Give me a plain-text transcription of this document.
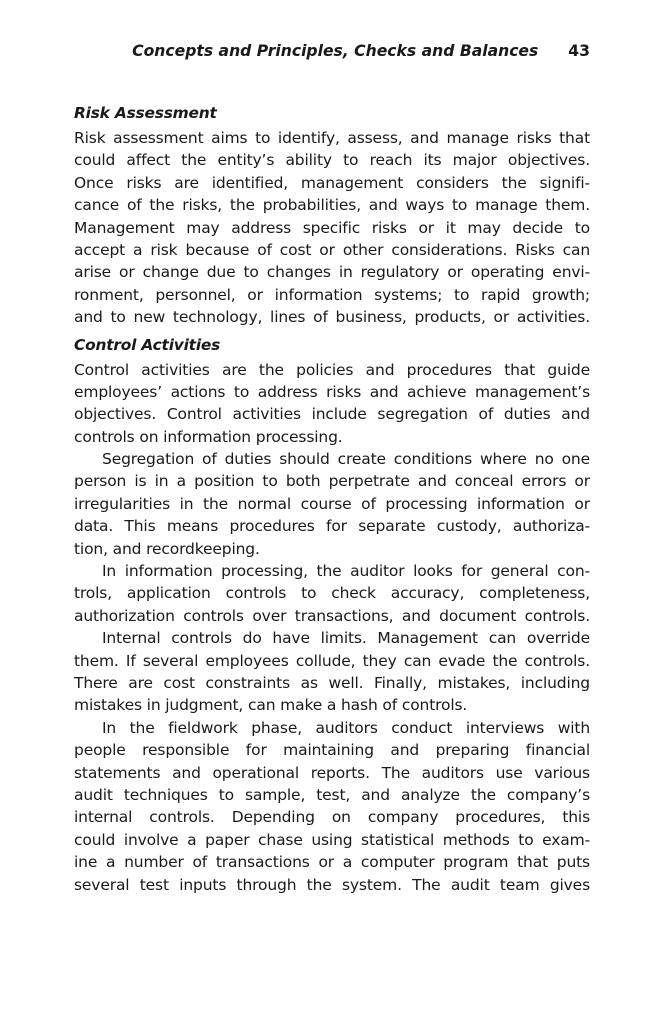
Concepts and Principles, Checks and Balances 43
Risk Assessment

Risk assessment aims to identify, assess, and manage risks that
could affect the entity’s ability to reach its major objectives.
Once risks are identified, management considers the signifi-
cance of the risks, the probabilities, and ways to manage them.
Management may address specific risks or it may decide to
accept a risk because of cost or other considerations. Risks can
arise or change due to changes in regulatory or operating envi-
ronment, personnel, or information systems; to rapid growth;
and to new technology, lines of business, products, or activities.

Control Activities

Control activities are the policies and procedures that guide
employees’ actions to address risks and achieve management’s
objectives. Control activities include segregation of duties and
controls on information processing.

Segregation of duties should create conditions where no one
person is in a position to both perpetrate and conceal errors or
irregularities in the normal course of processing information or
data. This means procedures for separate custody, authoriza-
tion, and recordkeeping.

In information processing, the auditor looks for general con-
trols, application controls to check accuracy, completeness,
authorization controls over transactions, and document controls.

Internal controls do have limits. Management can override
them. If several employees collude, they can evade the controls.
There are cost constraints as well. Finally, mistakes, including
mistakes in judgment, can make a hash of controls.

In the fieldwork phase, auditors conduct interviews with
people responsible for maintaining and preparing financial
statements and operational reports. The auditors use various
audit techniques to sample, test, and analyze the company’s
internal controls. Depending on company procedures, this
could involve a paper chase using statistical methods to exam-
ine a number of transactions or a computer program that puts
several test inputs through the system. The audit team gives
